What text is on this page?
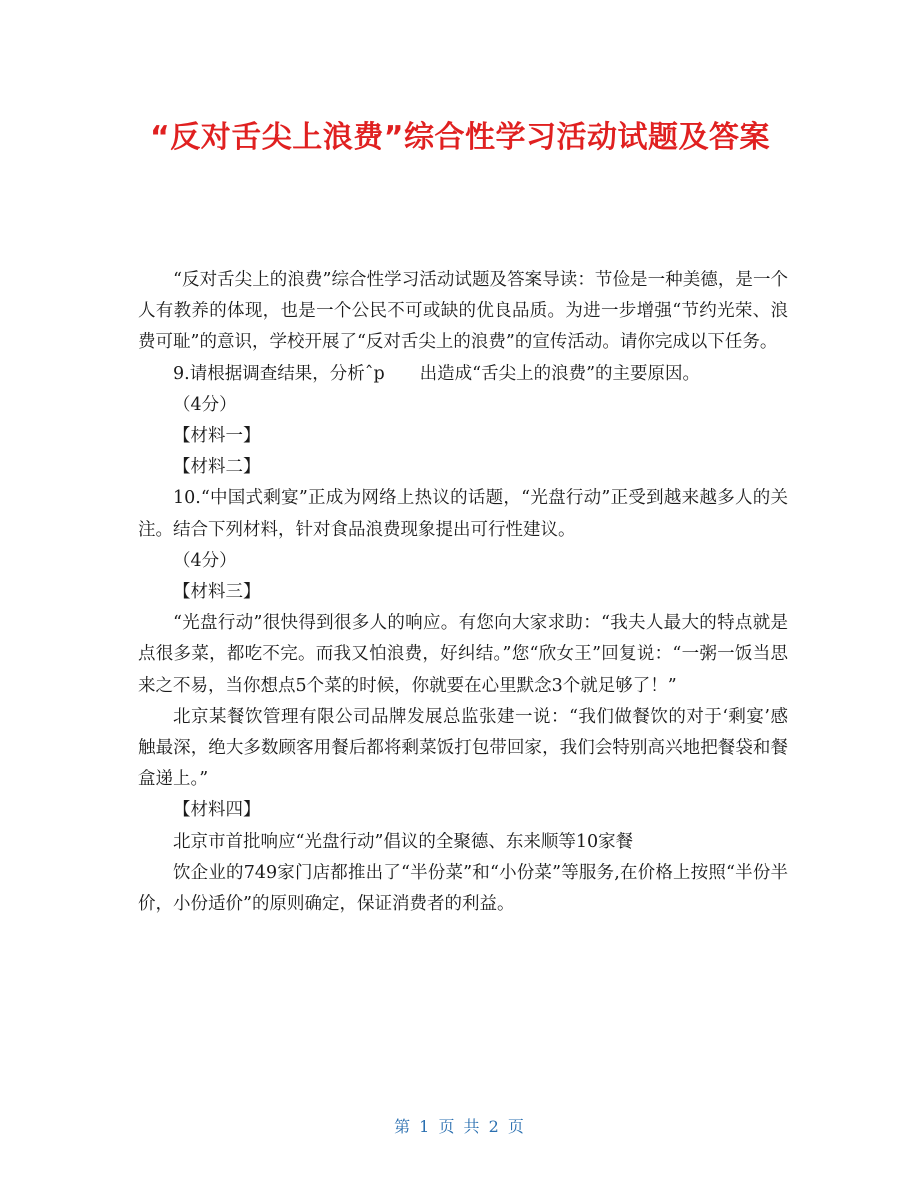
“反对舌尖上浪费”综合性学习活动试题及答案

“反对舌尖上的浪费”综合性学习活动试题及答案导读：节俭是一种美德，是一个人有教养的体现，也是一个公民不可或缺的优良品质。为进一步增强“节约光荣、浪费可耻”的意识，学校开展了“反对舌尖上的浪费”的宣传活动。请你完成以下任务。

9.请根据调查结果，分析ˆp　　出造成“舌尖上的浪费”的主要原因。

（4分）

【材料一】

【材料二】

10.“中国式剩宴”正成为网络上热议的话题，“光盘行动”正受到越来越多人的关注。结合下列材料，针对食品浪费现象提出可行性建议。

（4分）

【材料三】

“光盘行动”很快得到很多人的响应。有您向大家求助：“我夫人最大的特点就是点很多菜，都吃不完。而我又怕浪费，好纠结。”您“欣女王”回复说：“一粥一饭当思来之不易，当你想点5个菜的时候，你就要在心里默念3个就足够了！”

北京某餐饮管理有限公司品牌发展总监张建一说：“我们做餐饮的对于‘剩宴’感触最深，绝大多数顾客用餐后都将剩菜饭打包带回家，我们会特别高兴地把餐袋和餐盒递上。”

【材料四】

北京市首批响应“光盘行动”倡议的全聚德、东来顺等10家餐

饮企业的749家门店都推出了“半份菜”和“小份菜”等服务,在价格上按照“半份半价，小份适价”的原则确定，保证消费者的利益。

第 1 页 共 2 页
